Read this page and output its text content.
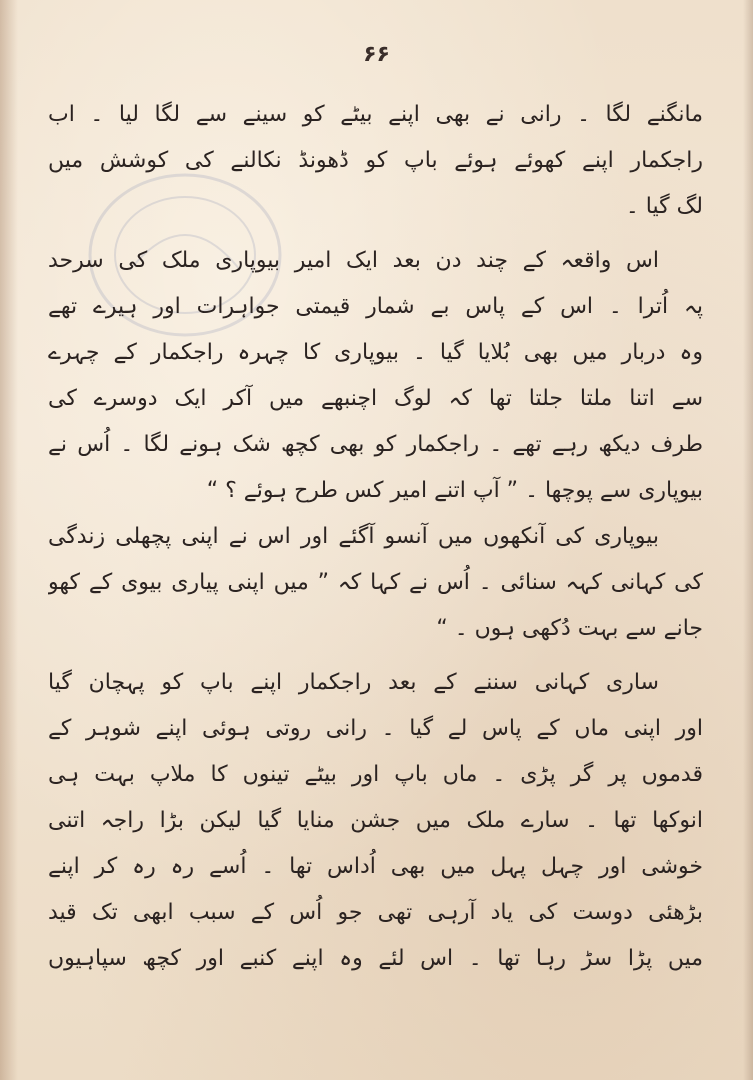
۶۶
مانگنے لگا ۔ رانی نے بھی اپنے بیٹے کو سینے سے لگا لیا ۔ اب
راجکمار اپنے کھوئے ہوئے باپ کو ڈھونڈ نکالنے کی کوشش میں
لگ گیا ۔
اس واقعہ کے چند دن بعد ایک امیر بیوپاری ملک کی سرحد
پہ اُترا ۔ اس کے پاس بے شمار قیمتی جواہرات اور ہیرے تھے
وہ دربار میں بھی بُلایا گیا ۔ بیوپاری کا چہرہ راجکمار کے چہرے
سے اتنا ملتا جلتا تھا کہ لوگ اچنبھے میں آکر ایک دوسرے کی
طرف دیکھ رہے تھے ۔ راجکمار کو بھی کچھ شک ہونے لگا ۔ اُس نے
بیوپاری سے پوچھا ۔ ” آپ اتنے امیر کس طرح ہوئے ؟ “
بیوپاری کی آنکھوں میں آنسو آگئے اور اس نے اپنی پچھلی زندگی
کی کہانی کہہ سنائی ۔ اُس نے کہا کہ ” میں اپنی پیاری بیوی کے کھو
جانے سے بہت دُکھی ہوں ۔ “
ساری کہانی سننے کے بعد راجکمار اپنے باپ کو پہچان گیا
اور اپنی ماں کے پاس لے گیا ۔ رانی روتی ہوئی اپنے شوہر کے
قدموں پر گر پڑی ۔ ماں باپ اور بیٹے تینوں کا ملاپ بہت ہی
انوکھا تھا ۔ سارے ملک میں جشن منایا گیا لیکن بڑا راجہ اتنی
خوشی اور چہل پہل میں بھی اُداس تھا ۔ اُسے رہ رہ کر اپنے
بڑھئی دوست کی یاد آرہی تھی جو اُس کے سبب ابھی تک قید
میں پڑا سڑ رہا تھا ۔ اس لئے وہ اپنے کنبے اور کچھ سپاہیوں
